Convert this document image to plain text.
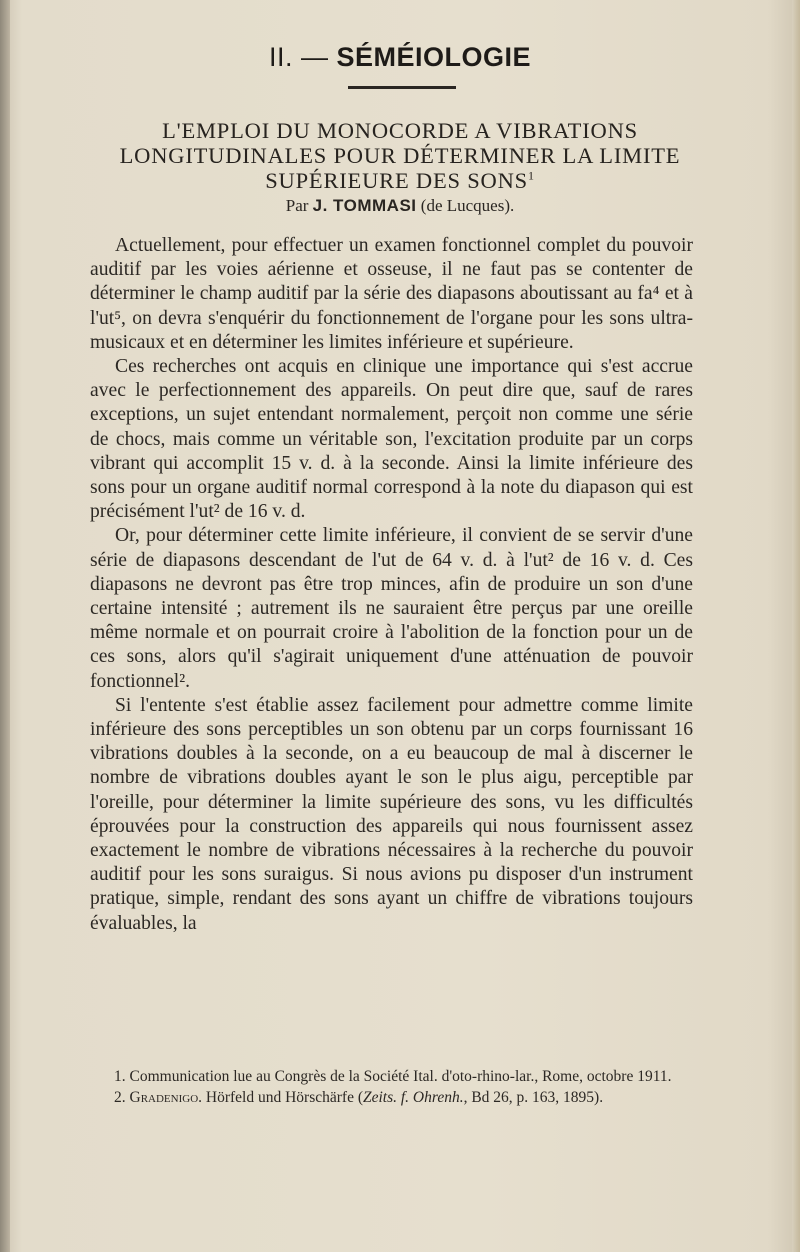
II. — SÉMÉIOLOGIE
L'EMPLOI DU MONOCORDE A VIBRATIONS LONGITUDINALES POUR DÉTERMINER LA LIMITE SUPÉRIEURE DES SONS$^1$
Par J. TOMMASI (de Lucques).

Actuellement, pour effectuer un examen fonctionnel complet du pouvoir auditif par les voies aérienne et osseuse, il ne faut pas se contenter de déterminer le champ auditif par la série des diapasons aboutissant au fa⁴ et à l'ut⁵, on devra s'enquérir du fonctionnement de l'organe pour les sons ultra-musicaux et en déterminer les limites inférieure et supérieure.

Ces recherches ont acquis en clinique une importance qui s'est accrue avec le perfectionnement des appareils. On peut dire que, sauf de rares exceptions, un sujet entendant normalement, perçoit non comme une série de chocs, mais comme un véritable son, l'excitation produite par un corps vibrant qui accomplit 15 v. d. à la seconde. Ainsi la limite inférieure des sons pour un organe auditif normal correspond à la note du diapason qui est précisément l'ut² de 16 v. d.

Or, pour déterminer cette limite inférieure, il convient de se servir d'une série de diapasons descendant de l'ut de 64 v. d. à l'ut² de 16 v. d. Ces diapasons ne devront pas être trop minces, afin de produire un son d'une certaine intensité ; autrement ils ne sauraient être perçus par une oreille même normale et on pourrait croire à l'abolition de la fonction pour un de ces sons, alors qu'il s'agirait uniquement d'une atténuation de pouvoir fonctionnel².

Si l'entente s'est établie assez facilement pour admettre comme limite inférieure des sons perceptibles un son obtenu par un corps fournissant 16 vibrations doubles à la seconde, on a eu beaucoup de mal à discerner le nombre de vibrations doubles ayant le son le plus aigu, perceptible par l'oreille, pour déterminer la limite supérieure des sons, vu les difficultés éprouvées pour la construction des appareils qui nous fournissent assez exactement le nombre de vibrations nécessaires à la recherche du pouvoir auditif pour les sons suraigus. Si nous avions pu disposer d'un instrument pratique, simple, rendant des sons ayant un chiffre de vibrations toujours évaluables, la

1. Communication lue au Congrès de la Société Ital. d'oto-rhino-lar., Rome, octobre 1911.

2. Gradenigo. Hörfeld und Hörschärfe (Zeits. f. Ohrenh., Bd 26, p. 163, 1895).
